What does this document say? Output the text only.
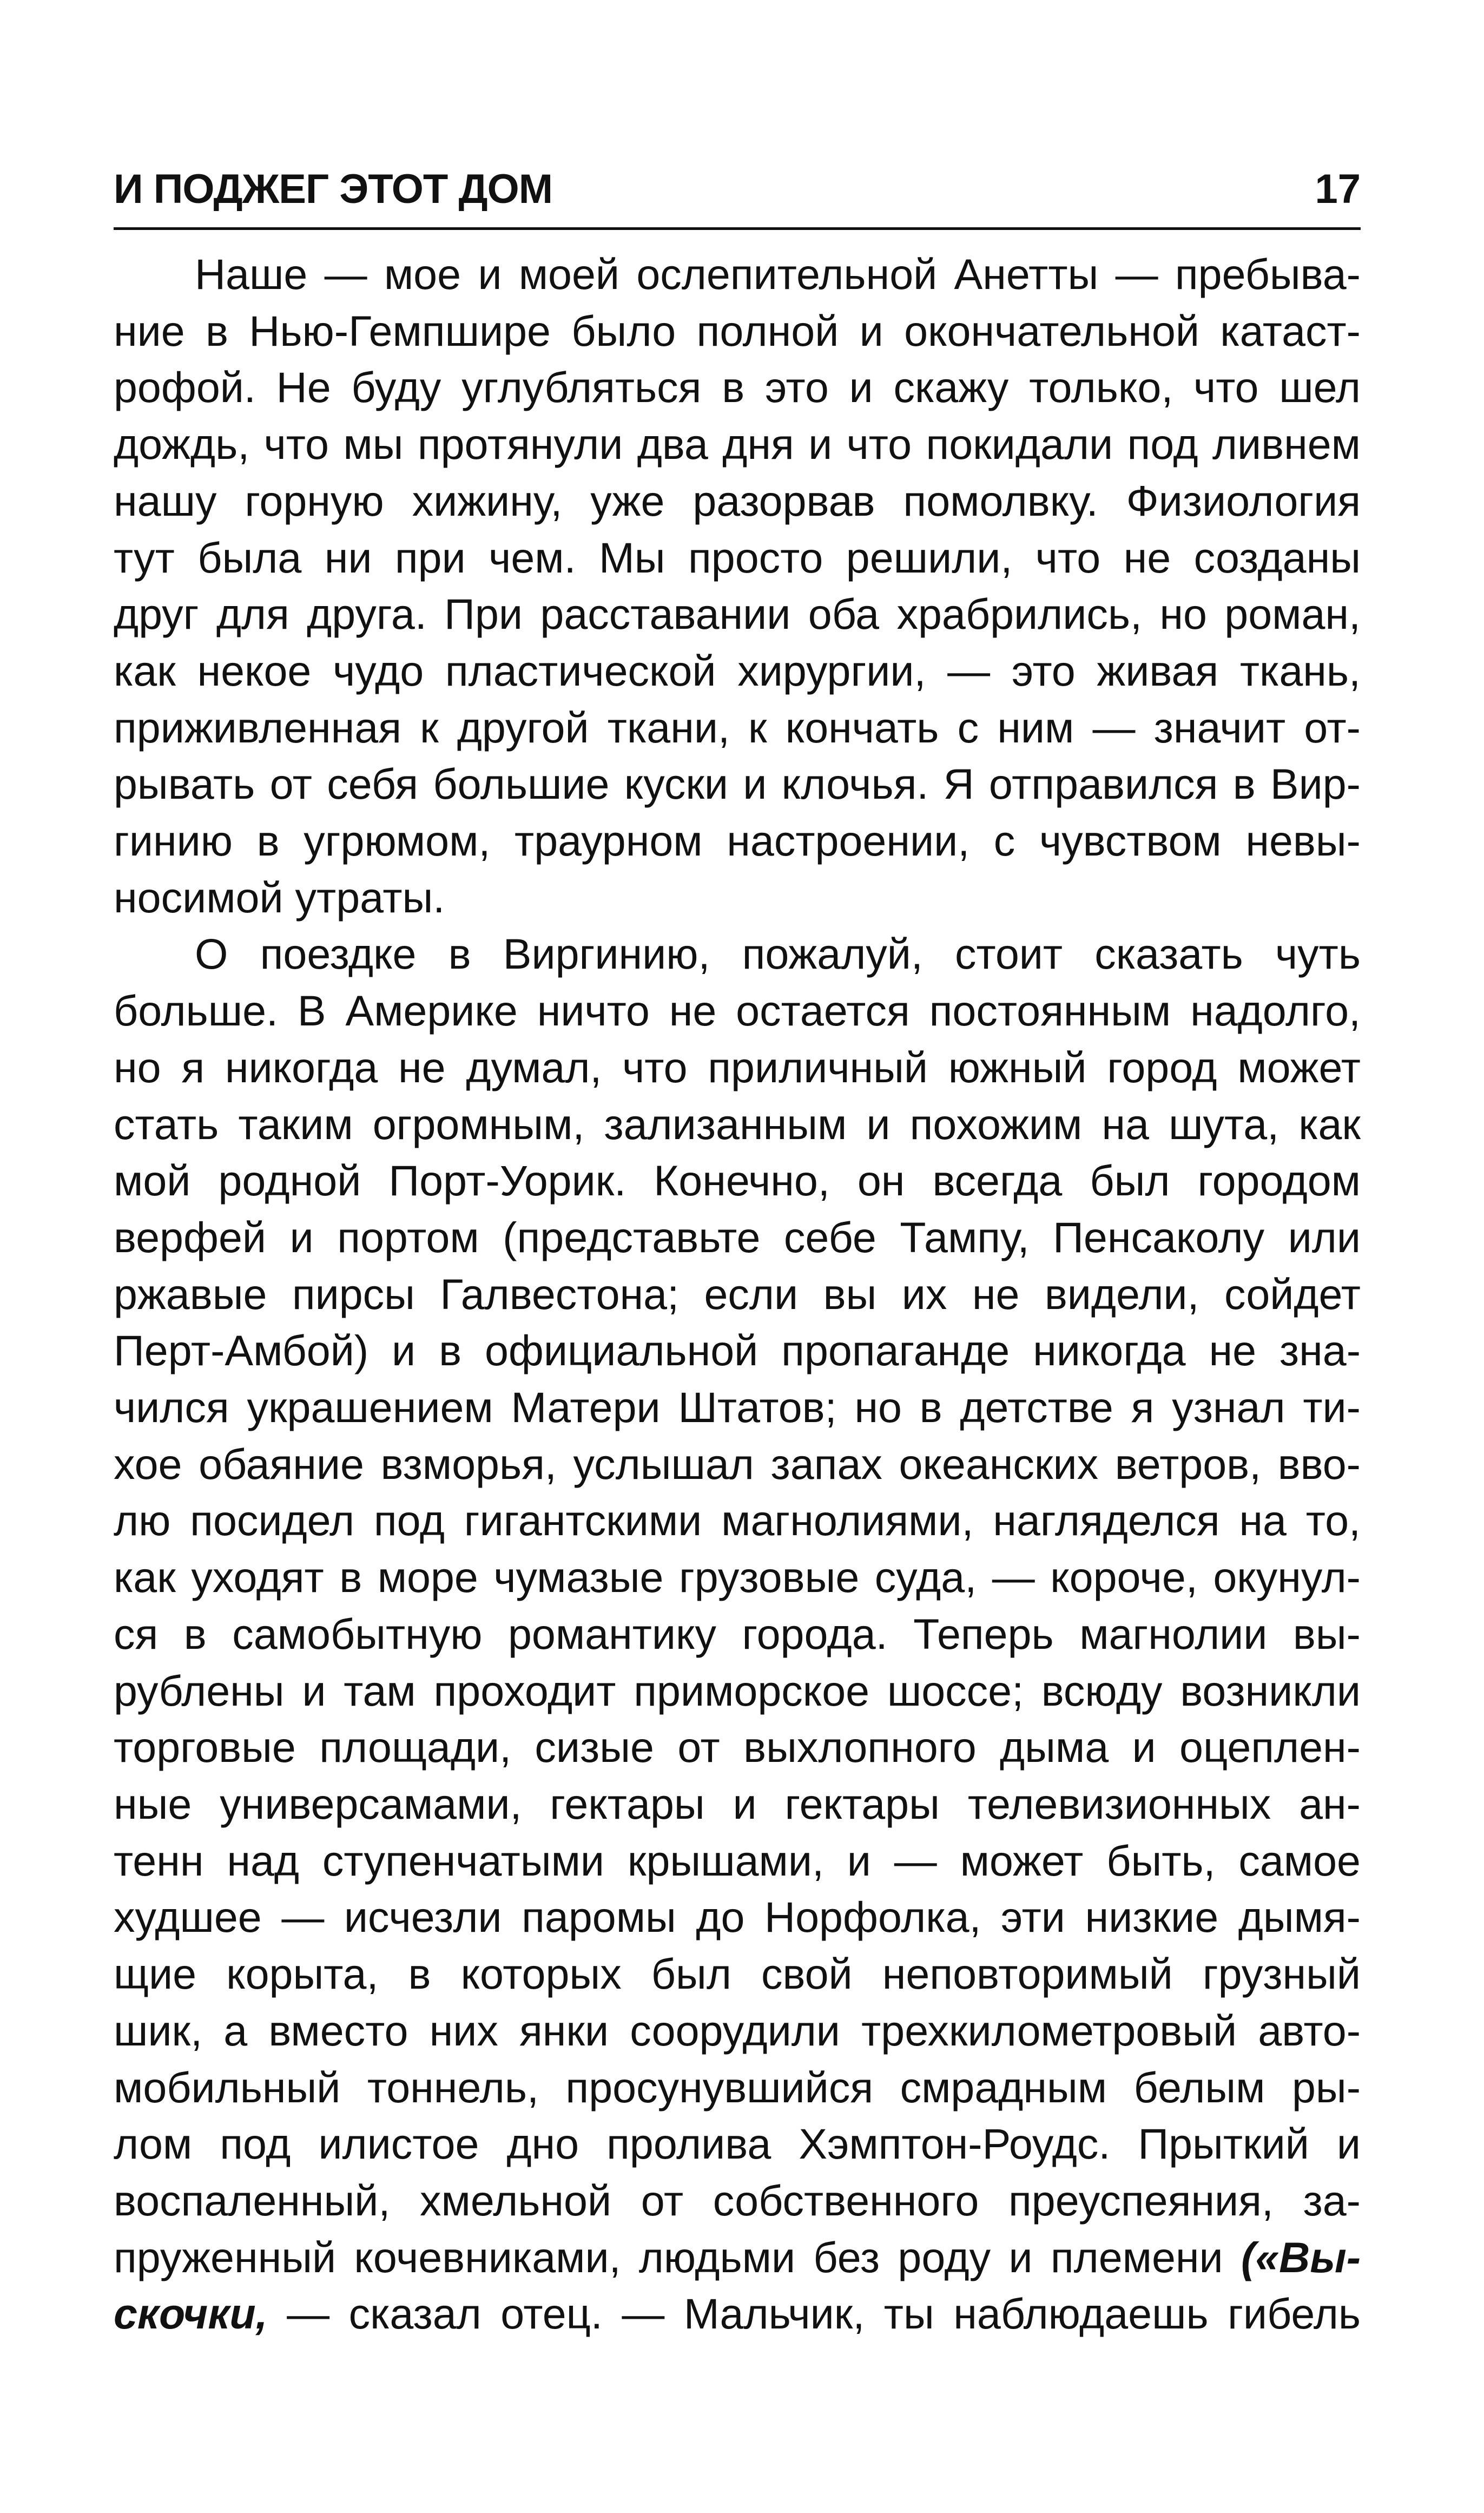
И ПОДЖЕГ ЭТОТ ДОМ	17
Наше — мое и моей ослепительной Анетты — пребыва-
ние в Нью-Гемпшире было полной и окончательной катаст-
рофой. Не буду углубляться в это и скажу только, что шел
дождь, что мы протянули два дня и что покидали под ливнем
нашу горную хижину, уже разорвав помолвку. Физиология
тут была ни при чем. Мы просто решили, что не созданы
друг для друга. При расставании оба храбрились, но роман,
как некое чудо пластической хирургии, — это живая ткань,
приживленная к другой ткани, к кончать с ним — значит от-
рывать от себя большие куски и клочья. Я отправился в Вир-
гинию в угрюмом, траурном настроении, с чувством невы-
носимой утраты.
О поездке в Виргинию, пожалуй, стоит сказать чуть
больше. В Америке ничто не остается постоянным надолго,
но я никогда не думал, что приличный южный город может
стать таким огромным, зализанным и похожим на шута, как
мой родной Порт-Уорик. Конечно, он всегда был городом
верфей и портом (представьте себе Тампу, Пенсаколу или
ржавые пирсы Галвестона; если вы их не видели, сойдет
Перт-Амбой) и в официальной пропаганде никогда не зна-
чился украшением Матери Штатов; но в детстве я узнал ти-
хое обаяние взморья, услышал запах океанских ветров, вво-
лю посидел под гигантскими магнолиями, нагляделся на то,
как уходят в море чумазые грузовые суда, — короче, окунул-
ся в самобытную романтику города. Теперь магнолии вы-
рублены и там проходит приморское шоссе; всюду возникли
торговые площади, сизые от выхлопного дыма и оцеплен-
ные универсамами, гектары и гектары телевизионных ан-
тенн над ступенчатыми крышами, и — может быть, самое
худшее — исчезли паромы до Норфолка, эти низкие дымя-
щие корыта, в которых был свой неповторимый грузный
шик, а вместо них янки соорудили трехкилометровый авто-
мобильный тоннель, просунувшийся смрадным белым ры-
лом под илистое дно пролива Хэмптон-Роудс. Прыткий и
воспаленный, хмельной от собственного преуспеяния, за-
пруженный кочевниками, людьми без роду и племени («Вы-
скочки, — сказал отец. — Мальчик, ты наблюдаешь гибель
